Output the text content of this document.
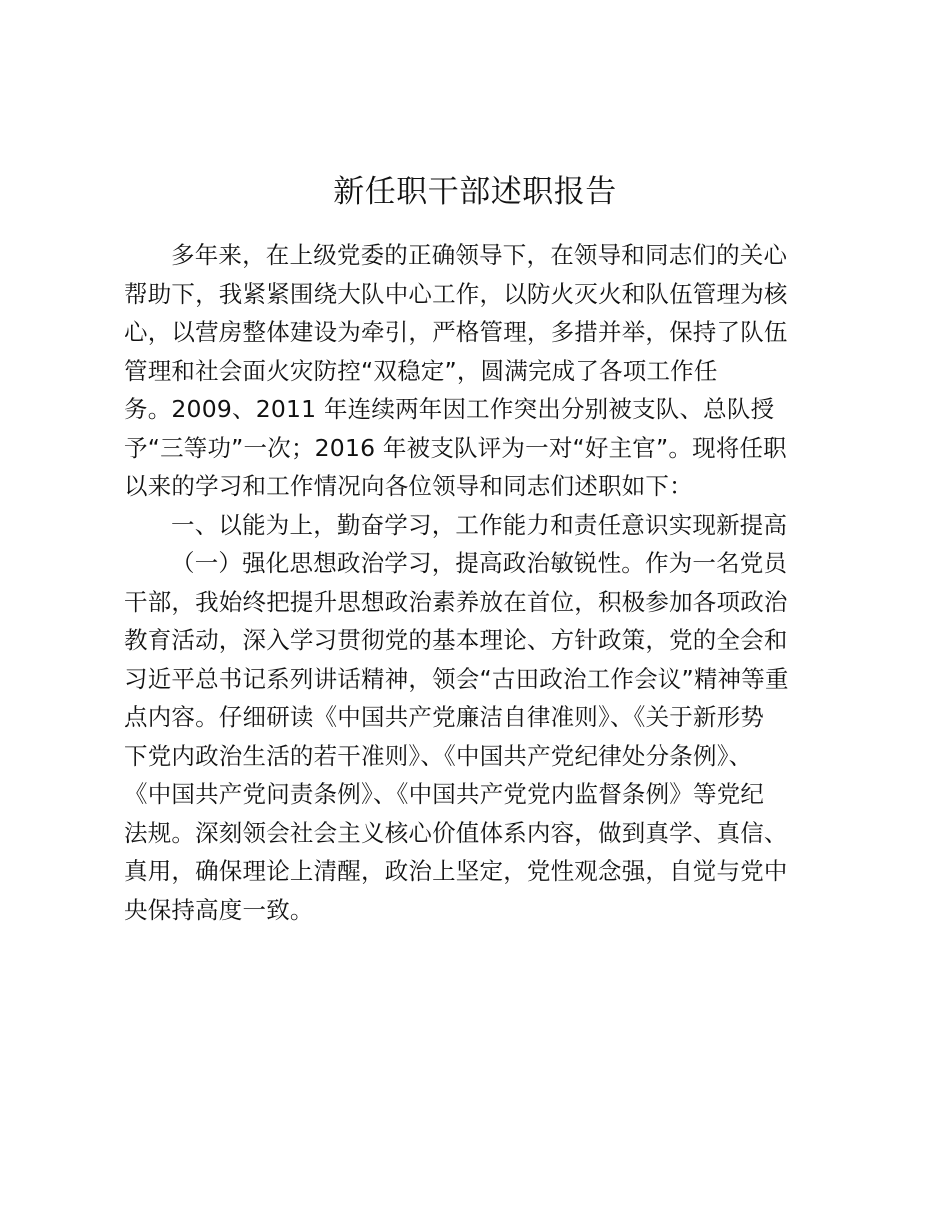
新任职干部述职报告
多年来，在上级党委的正确领导下，在领导和同志们的关心
帮助下，我紧紧围绕大队中心工作，以防火灭火和队伍管理为核
心，以营房整体建设为牵引，严格管理，多措并举，保持了队伍
管理和社会面火灾防控“双稳定”，圆满完成了各项工作任
务。2009、2011 年连续两年因工作突出分别被支队、总队授
予“三等功”一次；2016 年被支队评为一对“好主官”。现将任职
以来的学习和工作情况向各位领导和同志们述职如下：
一、以能为上，勤奋学习，工作能力和责任意识实现新提高
（一）强化思想政治学习，提高政治敏锐性。作为一名党员
干部，我始终把提升思想政治素养放在首位，积极参加各项政治
教育活动，深入学习贯彻党的基本理论、方针政策，党的全会和
习近平总书记系列讲话精神，领会“古田政治工作会议”精神等重
点内容。仔细研读《中国共产党廉洁自律准则》、《关于新形势
下党内政治生活的若干准则》、《中国共产党纪律处分条例》、
《中国共产党问责条例》、《中国共产党党内监督条例》等党纪
法规。深刻领会社会主义核心价值体系内容，做到真学、真信、
真用，确保理论上清醒，政治上坚定，党性观念强，自觉与党中
央保持高度一致。
